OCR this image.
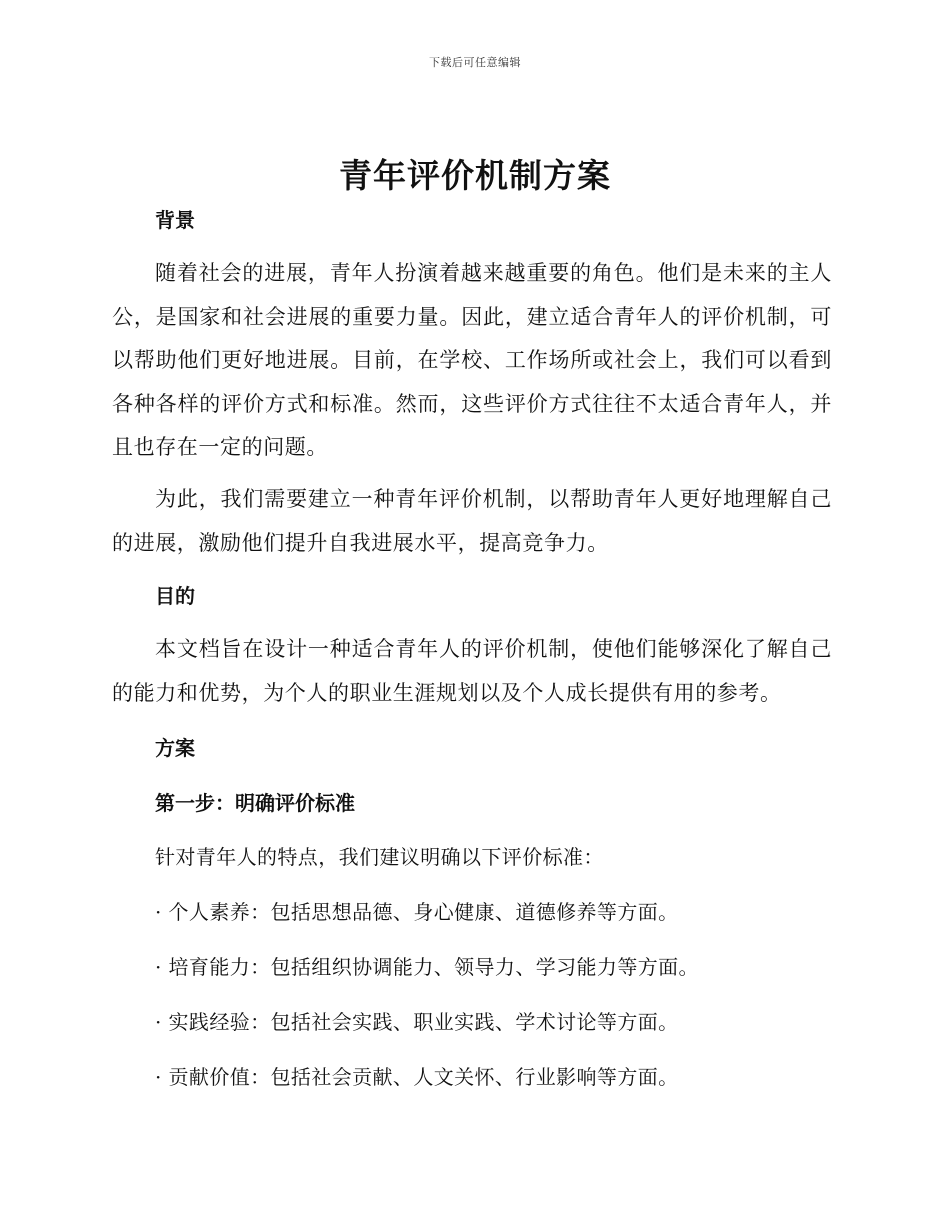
下载后可任意编辑
青年评价机制方案
背景

随着社会的进展，青年人扮演着越来越重要的角色。他们是未来的主人公，是国家和社会进展的重要力量。因此，建立适合青年人的评价机制，可以帮助他们更好地进展。目前，在学校、工作场所或社会上，我们可以看到各种各样的评价方式和标准。然而，这些评价方式往往不太适合青年人，并且也存在一定的问题。

为此，我们需要建立一种青年评价机制，以帮助青年人更好地理解自己的进展，激励他们提升自我进展水平，提高竞争力。

目的

本文档旨在设计一种适合青年人的评价机制，使他们能够深化了解自己的能力和优势，为个人的职业生涯规划以及个人成长提供有用的参考。

方案
第一步：明确评价标准
针对青年人的特点，我们建议明确以下评价标准：
· 个人素养：包括思想品德、身心健康、道德修养等方面。
· 培育能力：包括组织协调能力、领导力、学习能力等方面。
· 实践经验：包括社会实践、职业实践、学术讨论等方面。
· 贡献价值：包括社会贡献、人文关怀、行业影响等方面。
